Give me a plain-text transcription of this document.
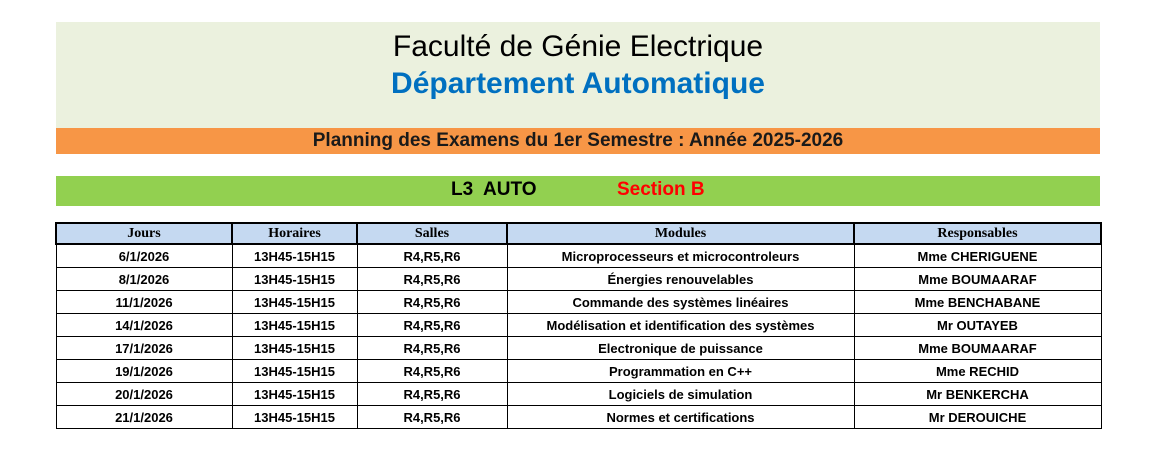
Faculté de Génie Electrique
Département Automatique
Planning des Examens du 1er Semestre : Année 2025-2026
L3  AUTO	Section B
Jours	Horaires	Salles	Modules	Responsables
6/1/2026	13H45-15H15	R4,R5,R6	Microprocesseurs et microcontroleurs	Mme CHERIGUENE
8/1/2026	13H45-15H15	R4,R5,R6	Énergies renouvelables	Mme BOUMAARAF
11/1/2026	13H45-15H15	R4,R5,R6	Commande des systèmes linéaires	Mme BENCHABANE
14/1/2026	13H45-15H15	R4,R5,R6	Modélisation et identification des systèmes	Mr OUTAYEB
17/1/2026	13H45-15H15	R4,R5,R6	Electronique de puissance	Mme BOUMAARAF
19/1/2026	13H45-15H15	R4,R5,R6	Programmation en C++	Mme RECHID
20/1/2026	13H45-15H15	R4,R5,R6	Logiciels de simulation	Mr BENKERCHA
21/1/2026	13H45-15H15	R4,R5,R6	Normes et certifications	Mr DEROUICHE
